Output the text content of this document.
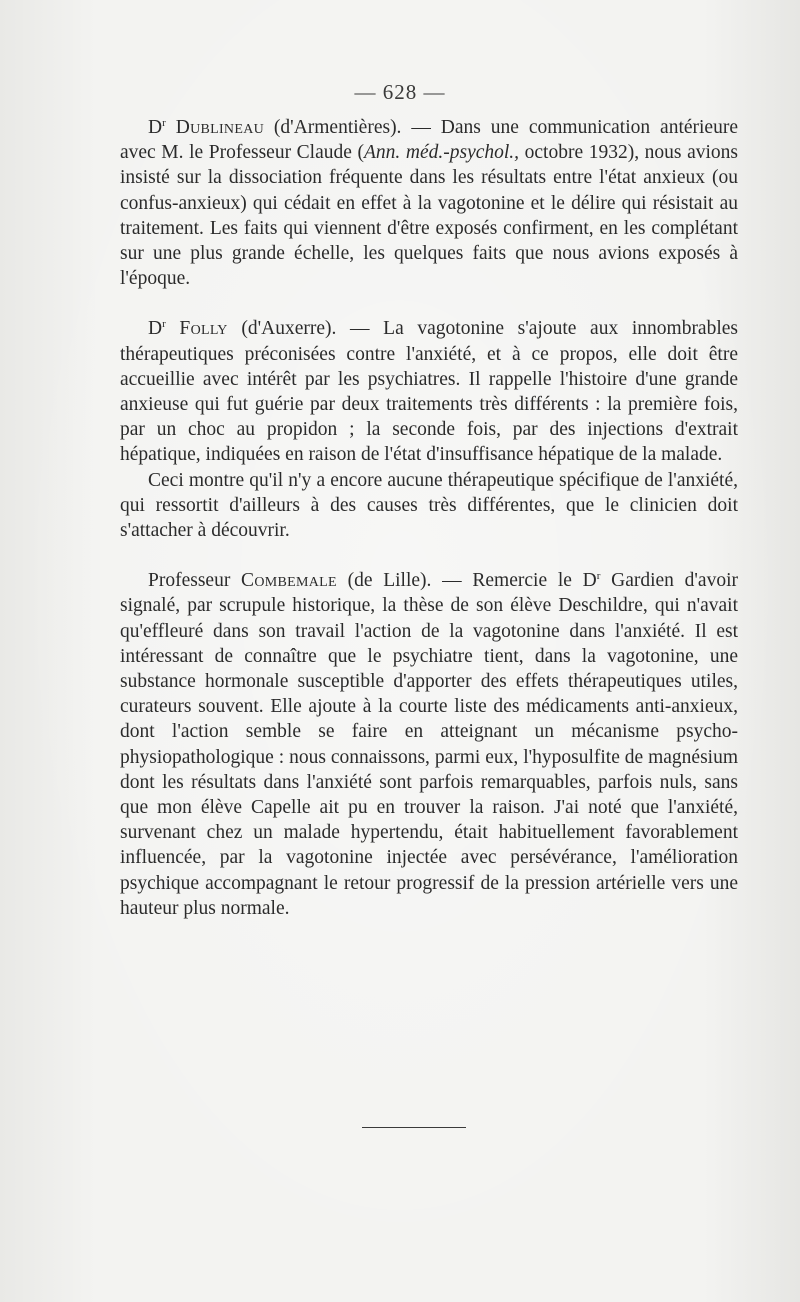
— 628 —

$D^r$ Dublineau (d'Armentières). — Dans une communication antérieure avec M. le Professeur Claude (Ann. méd.-psychol., octobre 1932), nous avions insisté sur la dissociation fréquente dans les résultats entre l'état anxieux (ou confus-anxieux) qui cédait en effet à la vagotonine et le délire qui résistait au traitement. Les faits qui viennent d'être exposés confirment, en les complétant sur une plus grande échelle, les quelques faits que nous avions exposés à l'époque.

$D^r$ Folly (d'Auxerre). — La vagotonine s'ajoute aux innombrables thérapeutiques préconisées contre l'anxiété, et à ce propos, elle doit être accueillie avec intérêt par les psychiatres. Il rappelle l'histoire d'une grande anxieuse qui fut guérie par deux traitements très différents : la première fois, par un choc au propidon ; la seconde fois, par des injections d'extrait hépatique, indiquées en raison de l'état d'insuffisance hépatique de la malade.

Ceci montre qu'il n'y a encore aucune thérapeutique spécifique de l'anxiété, qui ressortit d'ailleurs à des causes très différentes, que le clinicien doit s'attacher à découvrir.

Professeur Combemale (de Lille). — Remercie le $D^r$ Gardien d'avoir signalé, par scrupule historique, la thèse de son élève Deschildre, qui n'avait qu'effleuré dans son travail l'action de la vagotonine dans l'anxiété. Il est intéressant de connaître que le psychiatre tient, dans la vagotonine, une substance hormonale susceptible d'apporter des effets thérapeutiques utiles, curateurs souvent. Elle ajoute à la courte liste des médicaments anti-anxieux, dont l'action semble se faire en atteignant un mécanisme psycho-physiopathologique : nous connaissons, parmi eux, l'hyposulfite de magnésium dont les résultats dans l'anxiété sont parfois remarquables, parfois nuls, sans que mon élève Capelle ait pu en trouver la raison. J'ai noté que l'anxiété, survenant chez un malade hypertendu, était habituellement favorablement influencée, par la vagotonine injectée avec persévérance, l'amélioration psychique accompagnant le retour progressif de la pression artérielle vers une hauteur plus normale.
